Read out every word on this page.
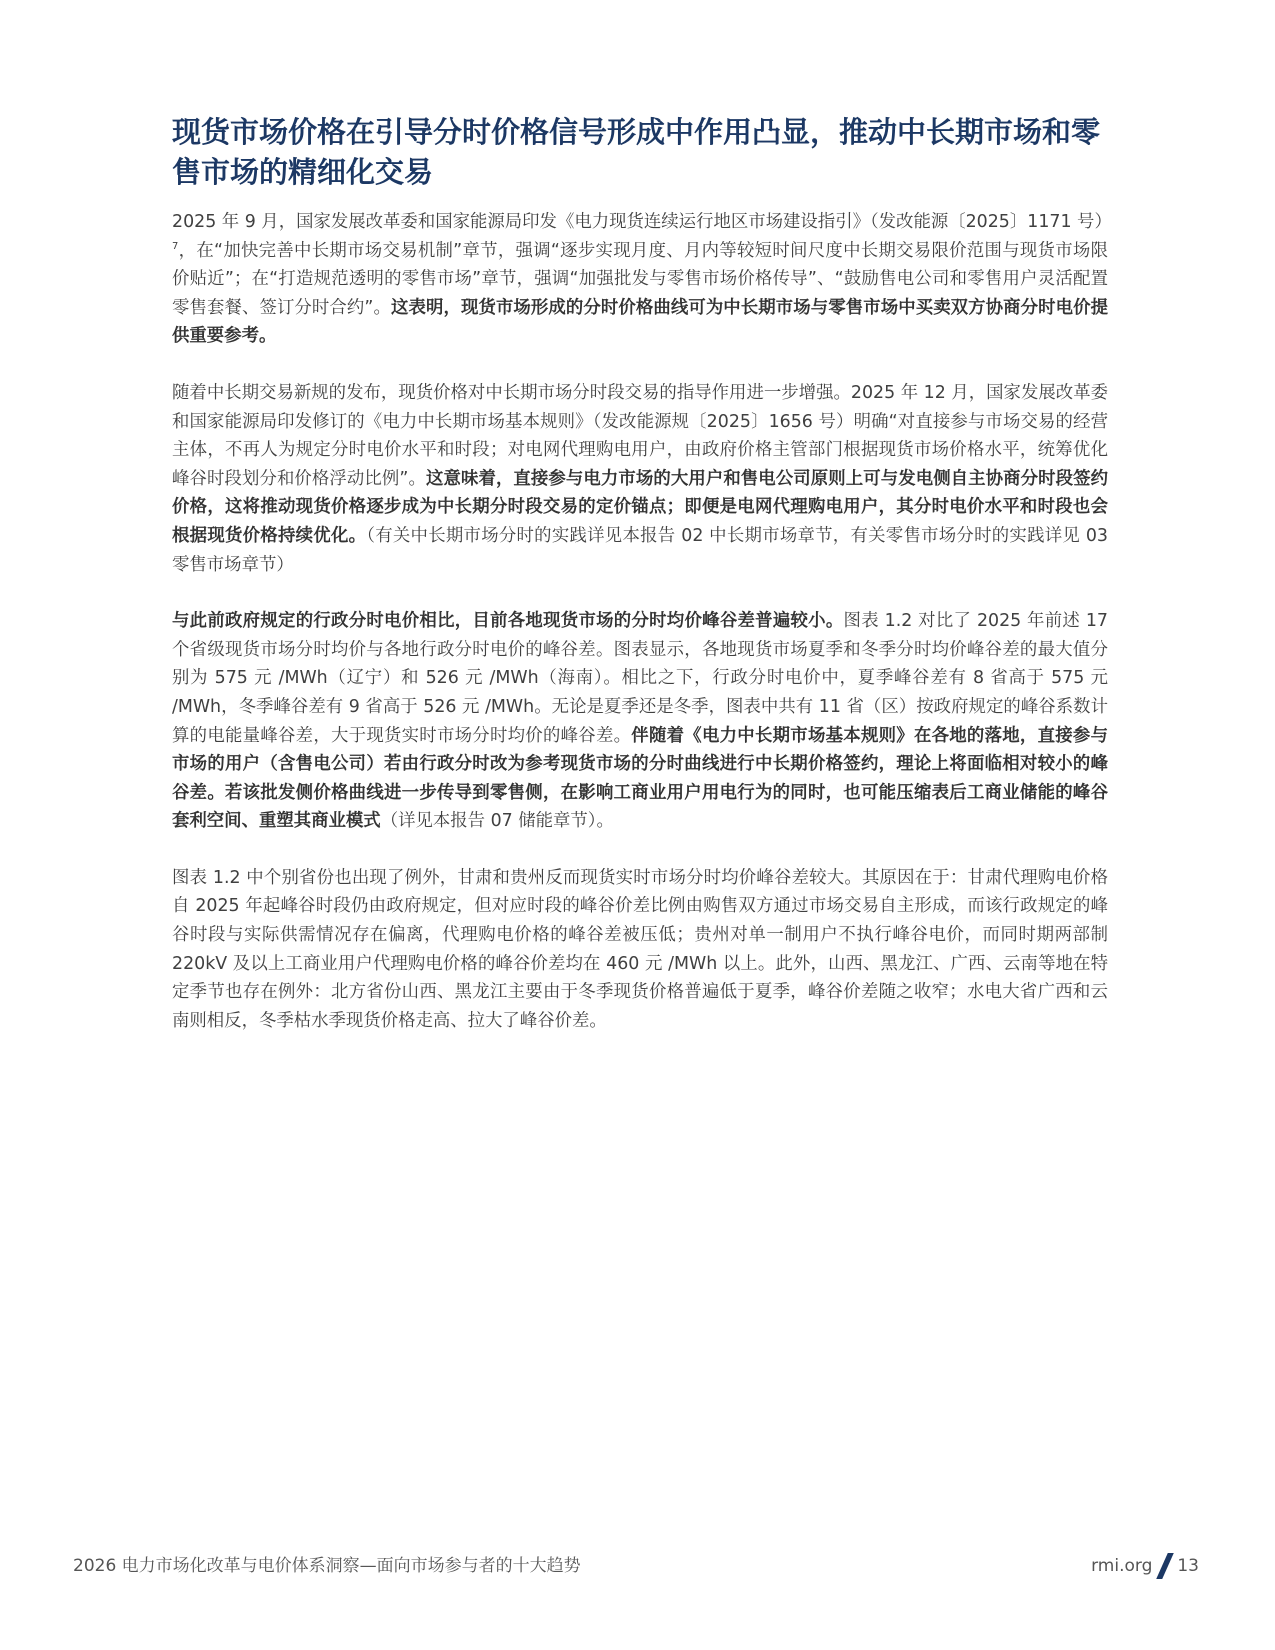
现货市场价格在引导分时价格信号形成中作用凸显，推动中长期市场和零售市场的精细化交易

2025 年 9 月，国家发展改革委和国家能源局印发《电力现货连续运行地区市场建设指引》（发改能源〔2025〕1171 号）$^7$，在“加快完善中长期市场交易机制”章节，强调“逐步实现月度、月内等较短时间尺度中长期交易限价范围与现货市场限价贴近”；在“打造规范透明的零售市场”章节，强调“加强批发与零售市场价格传导”、“鼓励售电公司和零售用户灵活配置零售套餐、签订分时合约”。这表明，现货市场形成的分时价格曲线可为中长期市场与零售市场中买卖双方协商分时电价提供重要参考。

随着中长期交易新规的发布，现货价格对中长期市场分时段交易的指导作用进一步增强。2025 年 12 月，国家发展改革委和国家能源局印发修订的《电力中长期市场基本规则》（发改能源规〔2025〕1656 号）明确“对直接参与市场交易的经营主体，不再人为规定分时电价水平和时段；对电网代理购电用户，由政府价格主管部门根据现货市场价格水平，统筹优化峰谷时段划分和价格浮动比例”。这意味着，直接参与电力市场的大用户和售电公司原则上可与发电侧自主协商分时段签约价格，这将推动现货价格逐步成为中长期分时段交易的定价锚点；即便是电网代理购电用户，其分时电价水平和时段也会根据现货价格持续优化。（有关中长期市场分时的实践详见本报告 02 中长期市场章节，有关零售市场分时的实践详见 03 零售市场章节）

与此前政府规定的行政分时电价相比，目前各地现货市场的分时均价峰谷差普遍较小。图表 1.2 对比了 2025 年前述 17 个省级现货市场分时均价与各地行政分时电价的峰谷差。图表显示，各地现货市场夏季和冬季分时均价峰谷差的最大值分别为 575 元 /MWh（辽宁）和 526 元 /MWh（海南）。相比之下，行政分时电价中，夏季峰谷差有 8 省高于 575 元 /MWh，冬季峰谷差有 9 省高于 526 元 /MWh。无论是夏季还是冬季，图表中共有 11 省（区）按政府规定的峰谷系数计算的电能量峰谷差，大于现货实时市场分时均价的峰谷差。伴随着《电力中长期市场基本规则》在各地的落地，直接参与市场的用户（含售电公司）若由行政分时改为参考现货市场的分时曲线进行中长期价格签约，理论上将面临相对较小的峰谷差。若该批发侧价格曲线进一步传导到零售侧，在影响工商业用户用电行为的同时，也可能压缩表后工商业储能的峰谷套利空间、重塑其商业模式（详见本报告 07 储能章节）。

图表 1.2 中个别省份也出现了例外，甘肃和贵州反而现货实时市场分时均价峰谷差较大。其原因在于：甘肃代理购电价格自 2025 年起峰谷时段仍由政府规定，但对应时段的峰谷价差比例由购售双方通过市场交易自主形成，而该行政规定的峰谷时段与实际供需情况存在偏离，代理购电价格的峰谷差被压低；贵州对单一制用户不执行峰谷电价，而同时期两部制 220kV 及以上工商业用户代理购电价格的峰谷价差均在 460 元 /MWh 以上。此外，山西、黑龙江、广西、云南等地在特定季节也存在例外：北方省份山西、黑龙江主要由于冬季现货价格普遍低于夏季，峰谷价差随之收窄；水电大省广西和云南则相反，冬季枯水季现货价格走高、拉大了峰谷价差。

2026 电力市场化改革与电价体系洞察—面向市场参与者的十大趋势	rmi.org 13
